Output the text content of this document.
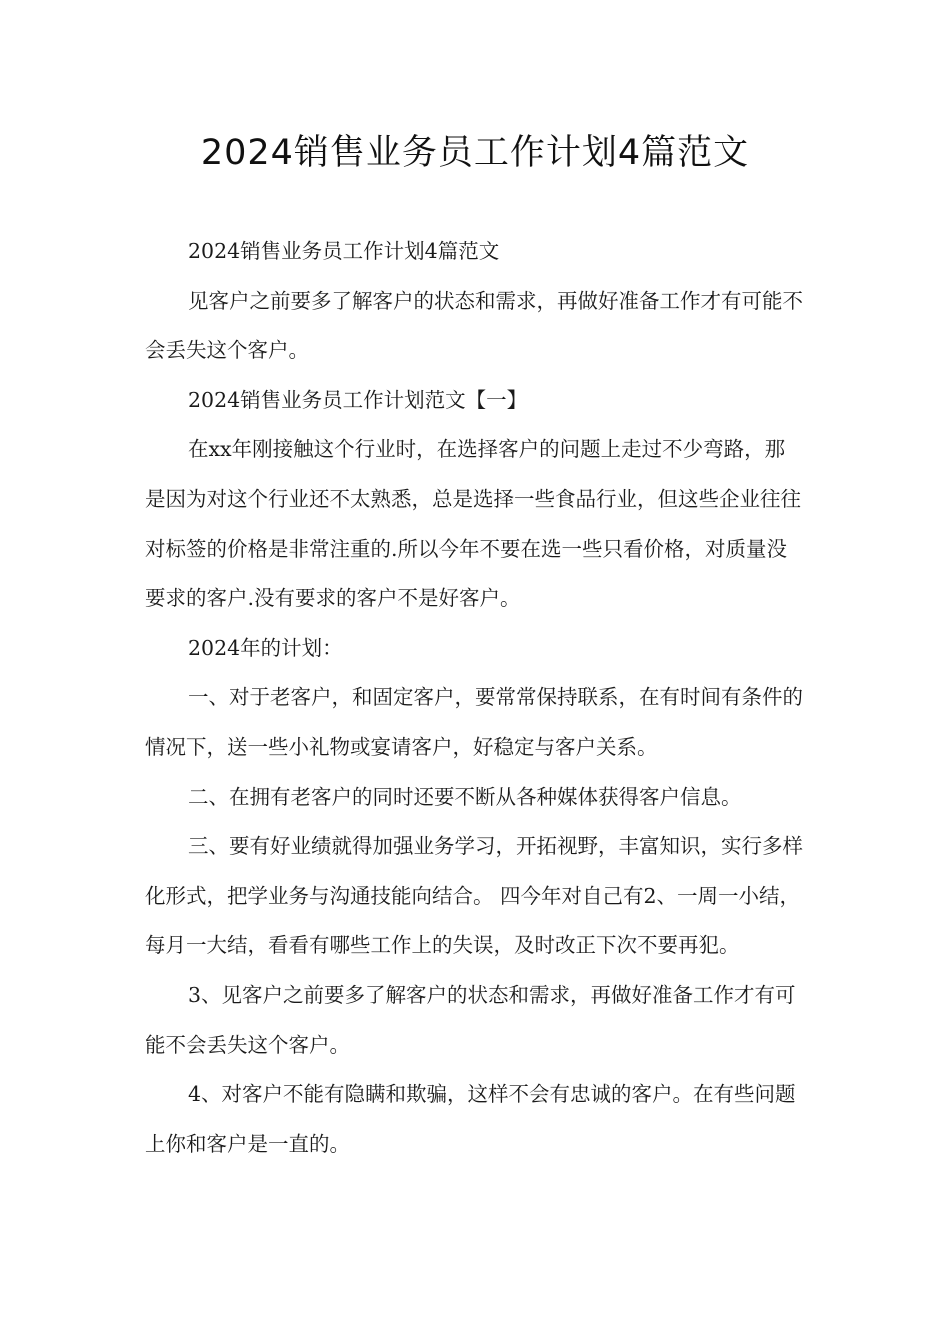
2024销售业务员工作计划4篇范文

2024销售业务员工作计划4篇范文

见客户之前要多了解客户的状态和需求，再做好准备工作才有可能不会丢失这个客户。

2024销售业务员工作计划范文【一】

在xx年刚接触这个行业时，在选择客户的问题上走过不少弯路，那是因为对这个行业还不太熟悉，总是选择一些食品行业，但这些企业往往对标签的价格是非常注重的.所以今年不要在选一些只看价格，对质量没要求的客户.没有要求的客户不是好客户。

2024年的计划：

一、对于老客户，和固定客户，要常常保持联系，在有时间有条件的情况下，送一些小礼物或宴请客户，好稳定与客户关系。

二、在拥有老客户的同时还要不断从各种媒体获得客户信息。

三、要有好业绩就得加强业务学习，开拓视野，丰富知识，实行多样化形式，把学业务与沟通技能向结合。 四今年对自己有2、一周一小结，每月一大结，看看有哪些工作上的失误，及时改正下次不要再犯。

3、见客户之前要多了解客户的状态和需求，再做好准备工作才有可能不会丢失这个客户。

4、对客户不能有隐瞒和欺骗，这样不会有忠诚的客户。在有些问题上你和客户是一直的。
